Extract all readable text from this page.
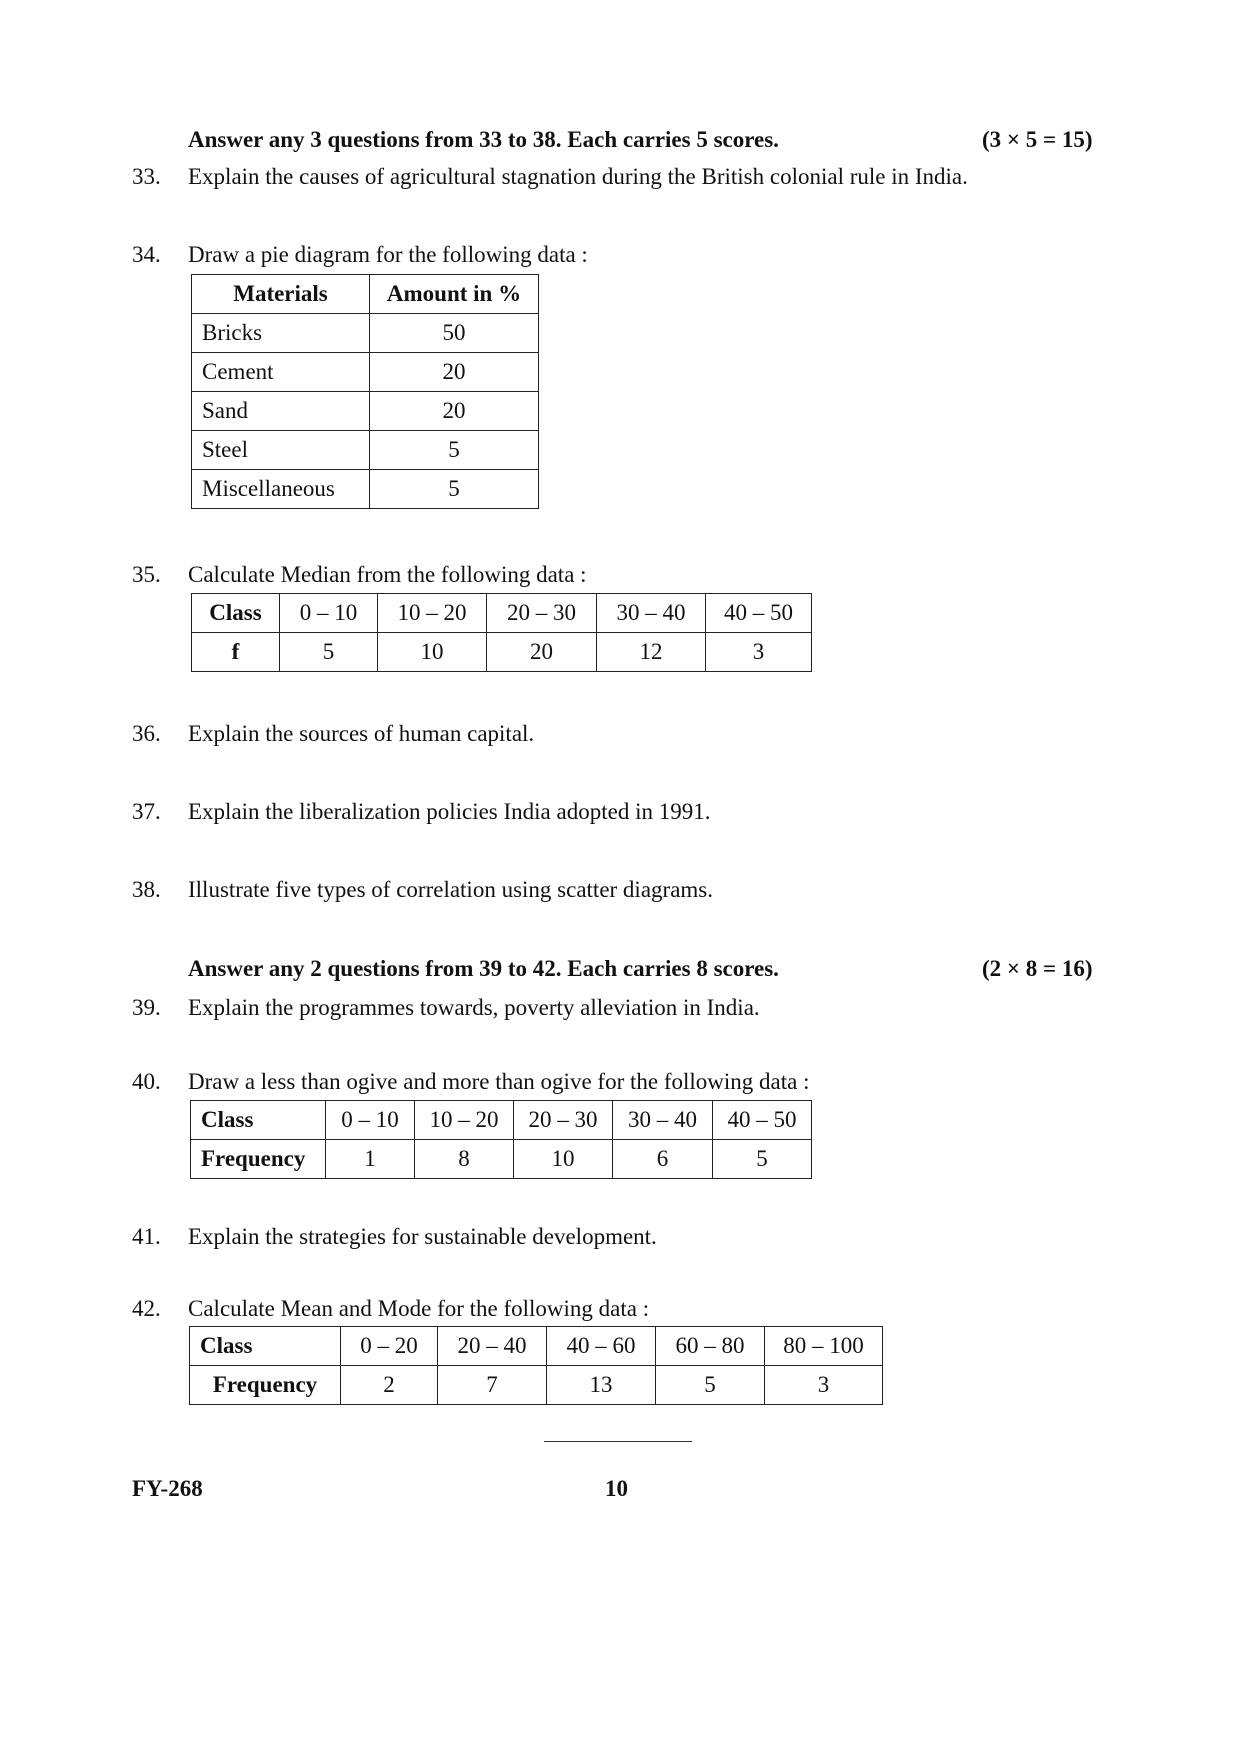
Answer any 3 questions from 33 to 38. Each carries 5 scores.	(3 × 5 = 15)
33. Explain the causes of agricultural stagnation during the British colonial rule in India.
34. Draw a pie diagram for the following data :
Materials	Amount in %
Bricks	50
Cement	20
Sand	20
Steel	5
Miscellaneous	5
35. Calculate Median from the following data :
Class	0 – 10	10 – 20	20 – 30	30 – 40	40 – 50
f	5	10	20	12	3
36. Explain the sources of human capital.
37. Explain the liberalization policies India adopted in 1991.
38. Illustrate five types of correlation using scatter diagrams.
Answer any 2 questions from 39 to 42. Each carries 8 scores.	(2 × 8 = 16)
39. Explain the programmes towards, poverty alleviation in India.
40. Draw a less than ogive and more than ogive for the following data :
Class	0 – 10	10 – 20	20 – 30	30 – 40	40 – 50
Frequency	1	8	10	6	5
41. Explain the strategies for sustainable development.
42. Calculate Mean and Mode for the following data :
Class	0 – 20	20 – 40	40 – 60	60 – 80	80 – 100
Frequency	2	7	13	5	3
FY-268	10
